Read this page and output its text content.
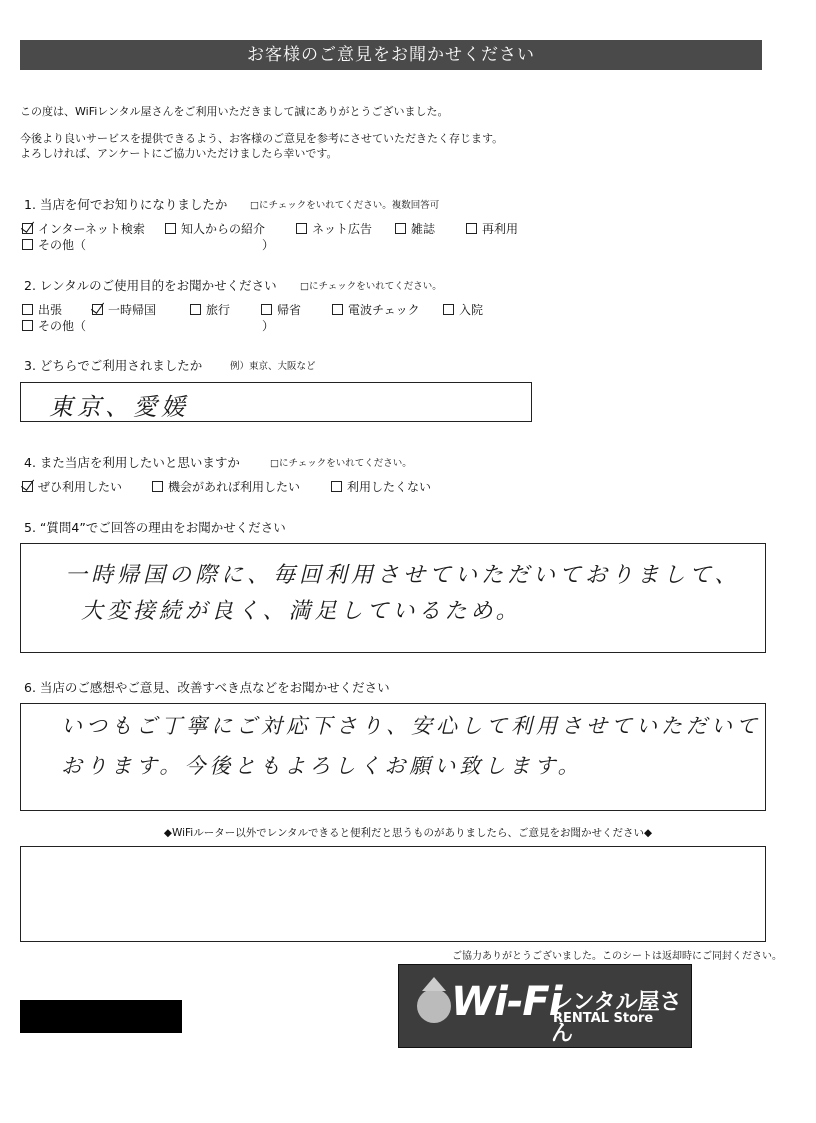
お客様のご意見をお聞かせください
この度は、WiFiレンタル屋さんをご利用いただきまして誠にありがとうございました。
今後より良いサービスを提供できるよう、お客様のご意見を参考にさせていただきたく存じます。
よろしければ、アンケートにご協力いただけましたら幸いです。
1. 当店を何でお知りになりましたか □にチェックをいれてください。複数回答可
インターネット検索	知人からの紹介	ネット広告	雑誌	再利用
その他（	）
2. レンタルのご使用目的をお聞かせください □にチェックをいれてください。
出張	一時帰国	旅行	帰省	電波チェック	入院
その他（	）
3. どちらでご利用されましたか	例）東京、大阪など
東京、愛媛
4. また当店を利用したいと思いますか	□にチェックをいれてください。
ぜひ利用したい	機会があれば利用したい	利用したくない
5. “質問4”でご回答の理由をお聞かせください
一時帰国の際に、毎回利用させていただいておりまして、
大変接続が良く、満足しているため。
6. 当店のご感想やご意見、改善すべき点などをお聞かせください
いつもご丁寧にご対応下さり、安心して利用させていただいて
おります。今後ともよろしくお願い致します。
◆WiFiルーター以外でレンタルできると便利だと思うものがありましたら、ご意見をお聞かせください◆
ご協力ありがとうございました。このシートは返却時にご同封ください。
Wi-Fi
レンタル屋さん
RENTAL Store
